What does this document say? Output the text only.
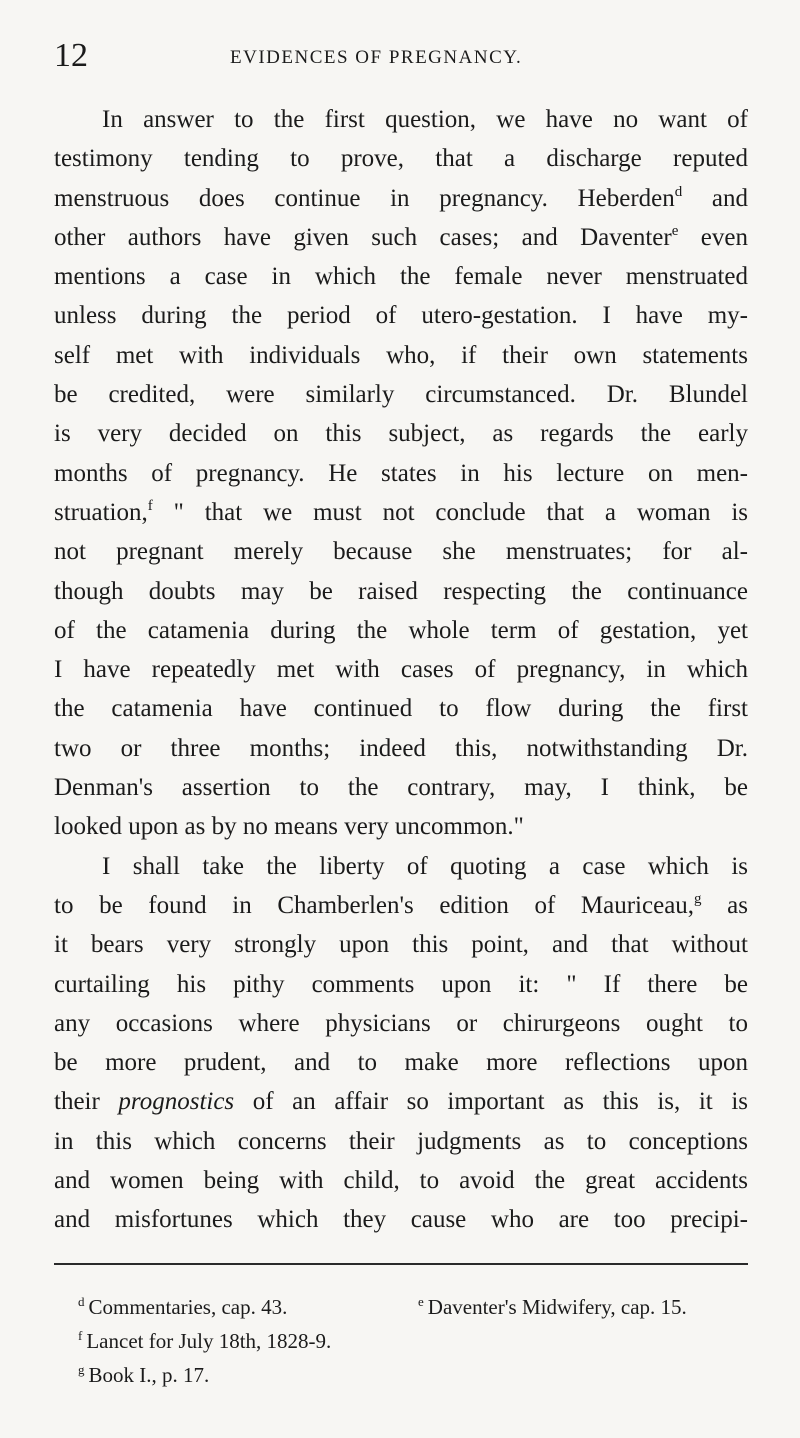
12	EVIDENCES OF PREGNANCY.
In answer to the first question, we have no want of
testimony tending to prove, that a discharge reputed
menstruous does continue in pregnancy. Heberden$^d$ and
other authors have given such cases; and Daventer$^e$ even
mentions a case in which the female never menstruated
unless during the period of utero-gestation. I have my-
self met with individuals who, if their own statements
be credited, were similarly circumstanced. Dr. Blundel
is very decided on this subject, as regards the early
months of pregnancy. He states in his lecture on men-
struation,$^f$ " that we must not conclude that a woman is
not pregnant merely because she menstruates; for al-
though doubts may be raised respecting the continuance
of the catamenia during the whole term of gestation, yet
I have repeatedly met with cases of pregnancy, in which
the catamenia have continued to flow during the first
two or three months; indeed this, notwithstanding Dr.
Denman's assertion to the contrary, may, I think, be
looked upon as by no means very uncommon."
I shall take the liberty of quoting a case which is
to be found in Chamberlen's edition of Mauriceau,$^g$ as
it bears very strongly upon this point, and that without
curtailing his pithy comments upon it: " If there be
any occasions where physicians or chirurgeons ought to
be more prudent, and to make more reflections upon
their prognostics of an affair so important as this is, it is
in this which concerns their judgments as to conceptions
and women being with child, to avoid the great accidents
and misfortunes which they cause who are too precipi-
$^d$ Commentaries, cap. 43.	$^e$ Daventer's Midwifery, cap. 15.
$^f$ Lancet for July 18th, 1828-9.
$^g$ Book I., p. 17.
